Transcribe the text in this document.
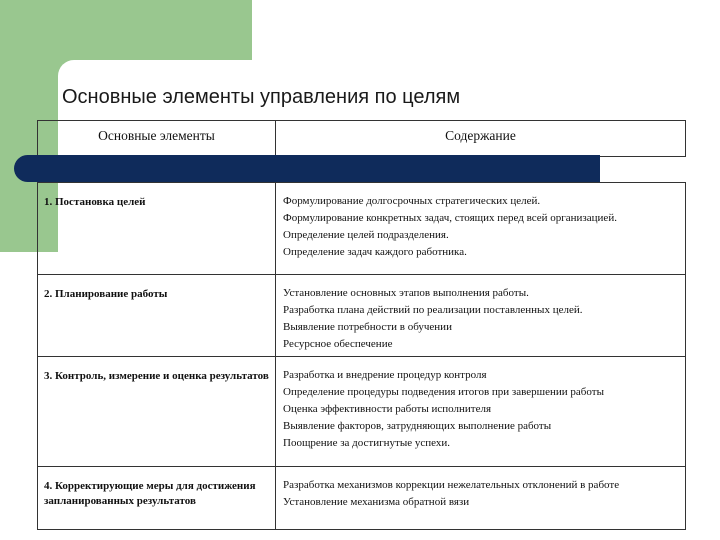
Основные элементы управления по целям
Основные элементы	Содержание

1. Постановка целей	Формулирование долгосрочных стратегических целей.
Формулирование конкретных задач, стоящих перед всей организацией.
Определение целей подразделения.
Определение задач каждого работника.

2. Планирование работы	Установление основных этапов выполнения работы.
Разработка плана действий по реализации поставленных целей.
Выявление потребности в обучении
Ресурсное обеспечение

3. Контроль, измерение и оценка результатов	Разработка и внедрение процедур контроля
Определение процедуры подведения итогов при завершении работы
Оценка эффективности работы исполнителя
Выявление факторов, затрудняющих выполнение работы
Поощрение за достигнутые успехи.

4. Корректирующие меры для достижения запланированных результатов	Разработка механизмов коррекции нежелательных отклонений в работе
Установление механизма обратной вязи
